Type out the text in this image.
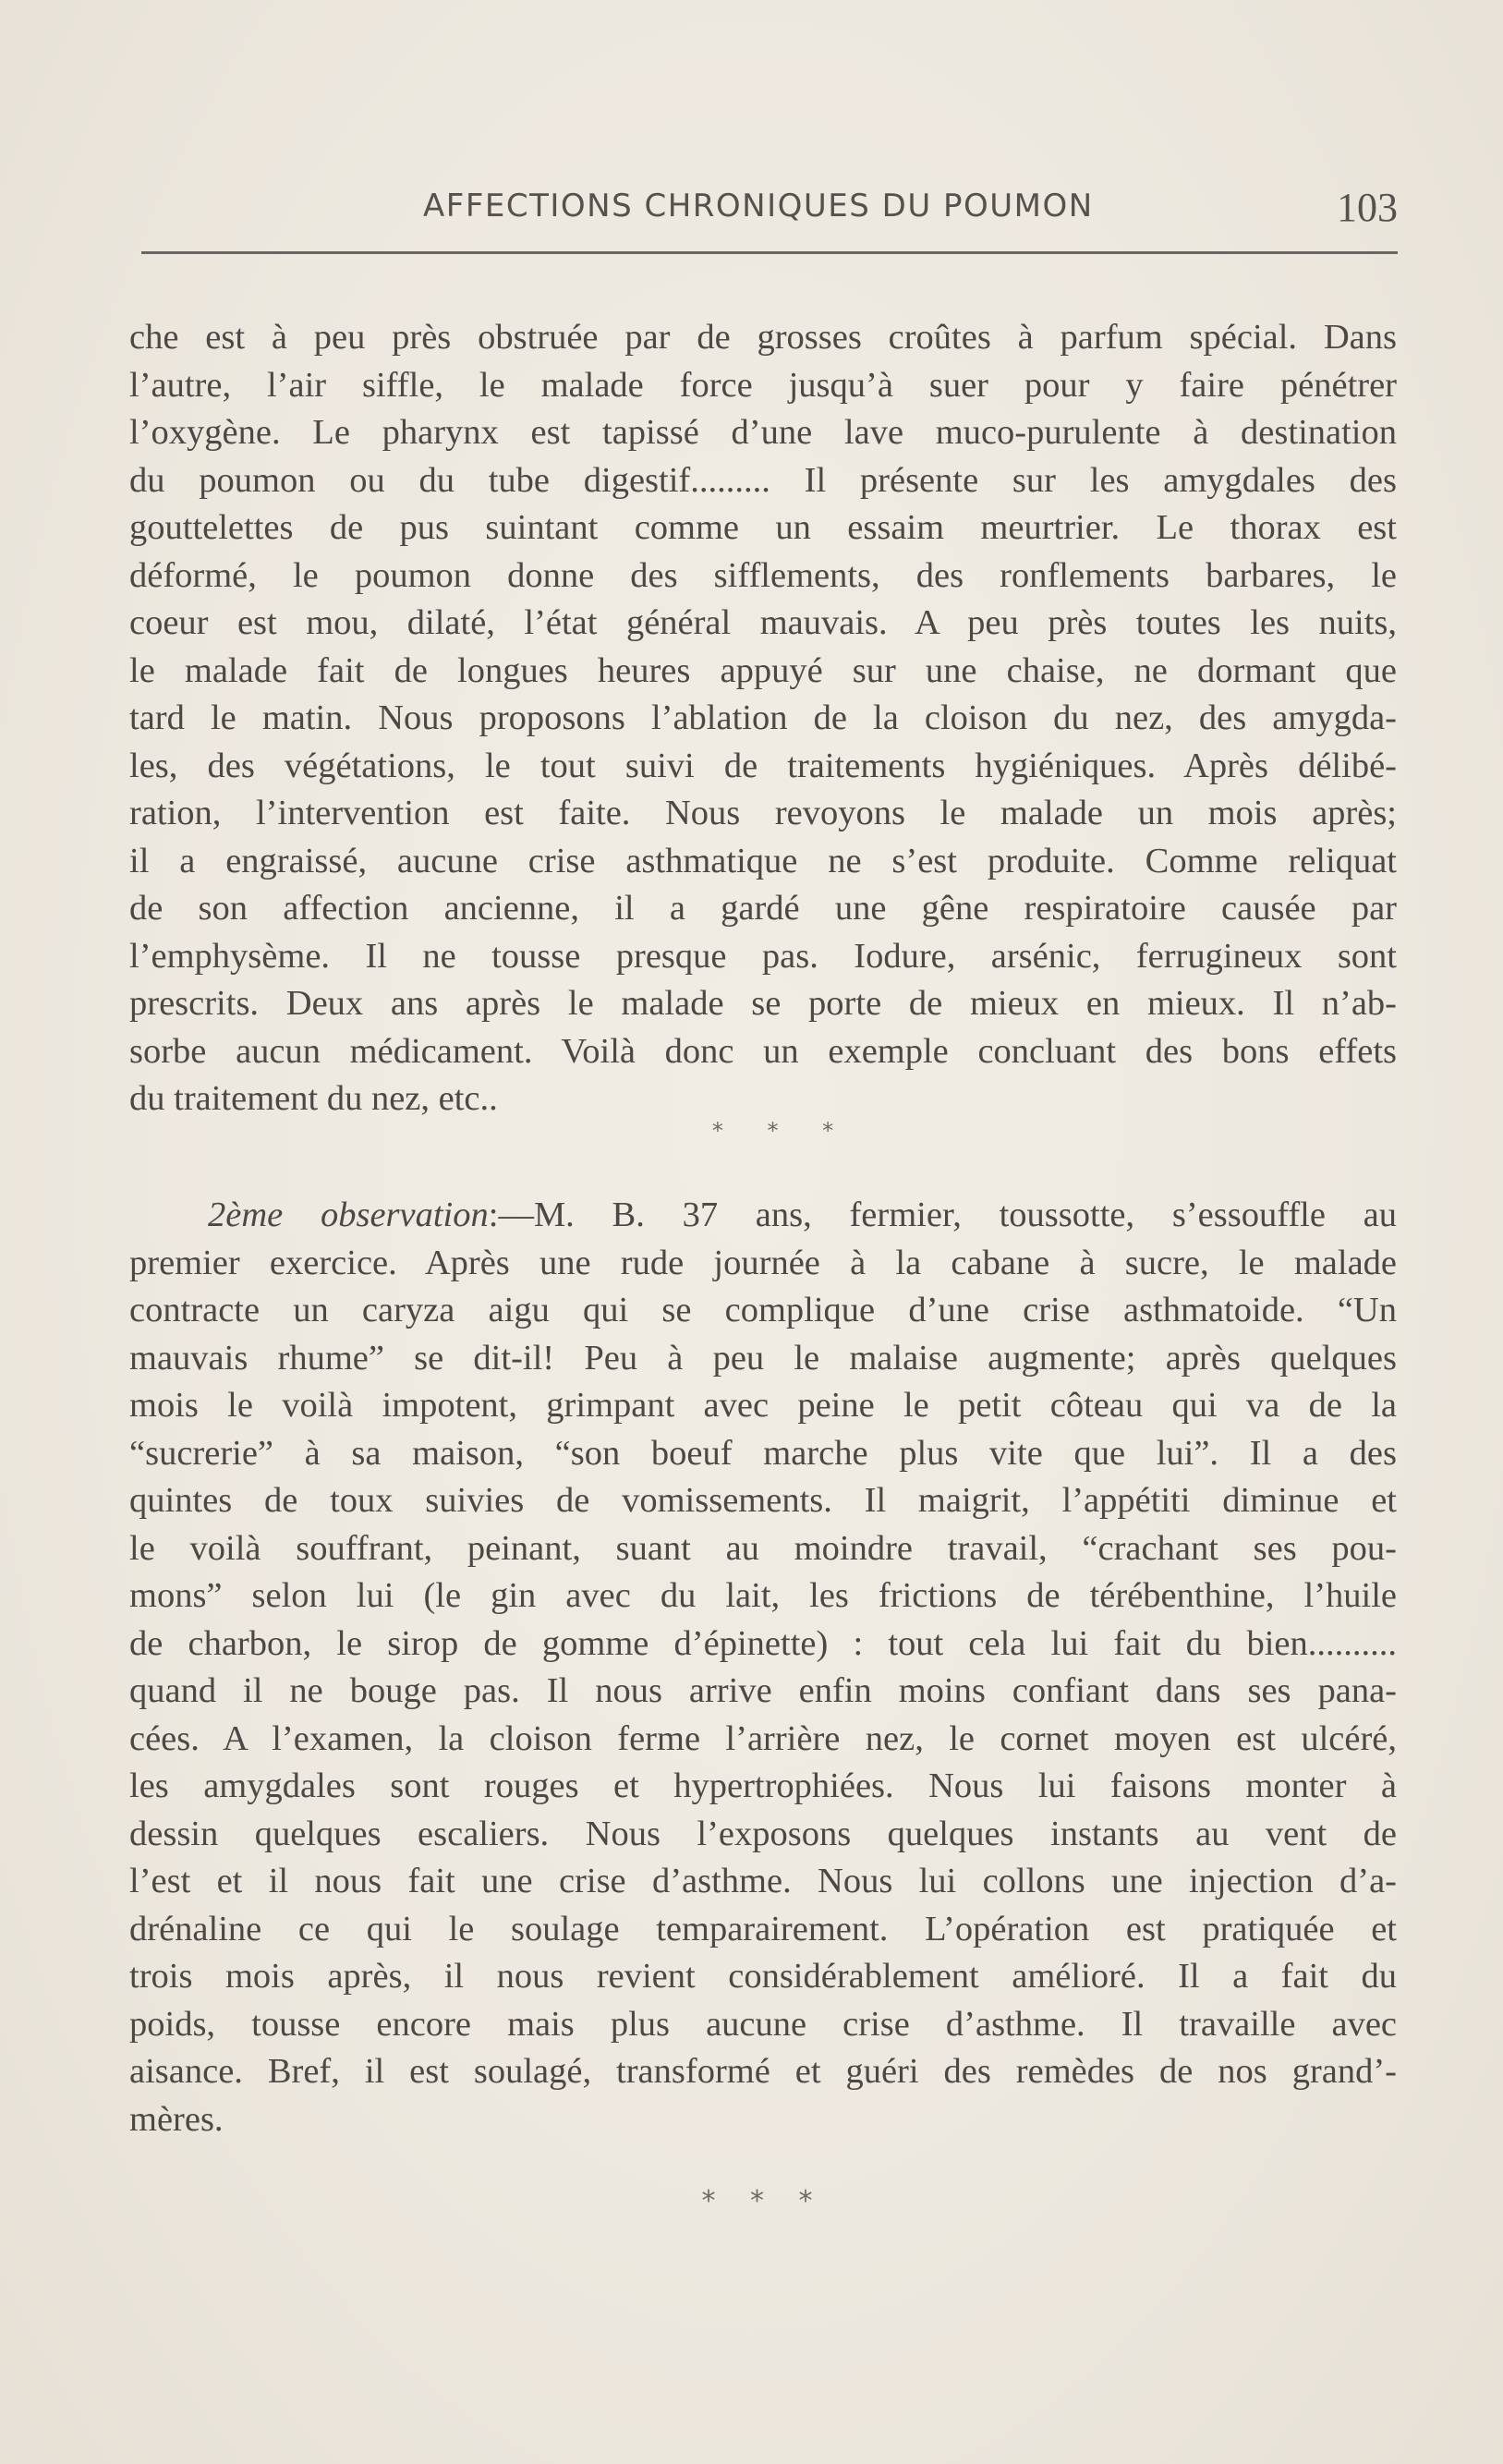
AFFECTIONS CHRONIQUES DU POUMON	103
che est à peu près obstruée par de grosses croûtes à parfum spécial. Dans
l’autre, l’air siffle, le malade force jusqu’à suer pour y faire pénétrer
l’oxygène. Le pharynx est tapissé d’une lave muco-purulente à destination
du poumon ou du tube digestif......... Il présente sur les amygdales des
gouttelettes de pus suintant comme un essaim meurtrier. Le thorax est
déformé, le poumon donne des sifflements, des ronflements barbares, le
coeur est mou, dilaté, l’état général mauvais. A peu près toutes les nuits,
le malade fait de longues heures appuyé sur une chaise, ne dormant que
tard le matin. Nous proposons l’ablation de la cloison du nez, des amygda-
les, des végétations, le tout suivi de traitements hygiéniques. Après délibé-
ration, l’intervention est faite. Nous revoyons le malade un mois après;
il a engraissé, aucune crise asthmatique ne s’est produite. Comme reliquat
de son affection ancienne, il a gardé une gêne respiratoire causée par
l’emphysème. Il ne tousse presque pas. Iodure, arsénic, ferrugineux sont
prescrits. Deux ans après le malade se porte de mieux en mieux. Il n’ab-
sorbe aucun médicament. Voilà donc un exemple concluant des bons effets
du traitement du nez, etc..
* * *
2ème observation:—M. B. 37 ans, fermier, toussotte, s’essouffle au
premier exercice. Après une rude journée à la cabane à sucre, le malade
contracte un caryza aigu qui se complique d’une crise asthmatoide. “Un
mauvais rhume” se dit-il! Peu à peu le malaise augmente; après quelques
mois le voilà impotent, grimpant avec peine le petit côteau qui va de la
“sucrerie” à sa maison, “son boeuf marche plus vite que lui”. Il a des
quintes de toux suivies de vomissements. Il maigrit, l’appétiti diminue et
le voilà souffrant, peinant, suant au moindre travail, “crachant ses pou-
mons” selon lui (le gin avec du lait, les frictions de térébenthine, l’huile
de charbon, le sirop de gomme d’épinette) : tout cela lui fait du bien..........
quand il ne bouge pas. Il nous arrive enfin moins confiant dans ses pana-
cées. A l’examen, la cloison ferme l’arrière nez, le cornet moyen est ulcéré,
les amygdales sont rouges et hypertrophiées. Nous lui faisons monter à
dessin quelques escaliers. Nous l’exposons quelques instants au vent de
l’est et il nous fait une crise d’asthme. Nous lui collons une injection d’a-
drénaline ce qui le soulage temparairement. L’opération est pratiquée et
trois mois après, il nous revient considérablement amélioré. Il a fait du
poids, tousse encore mais plus aucune crise d’asthme. Il travaille avec
aisance. Bref, il est soulagé, transformé et guéri des remèdes de nos grand’-
mères.
* * *
